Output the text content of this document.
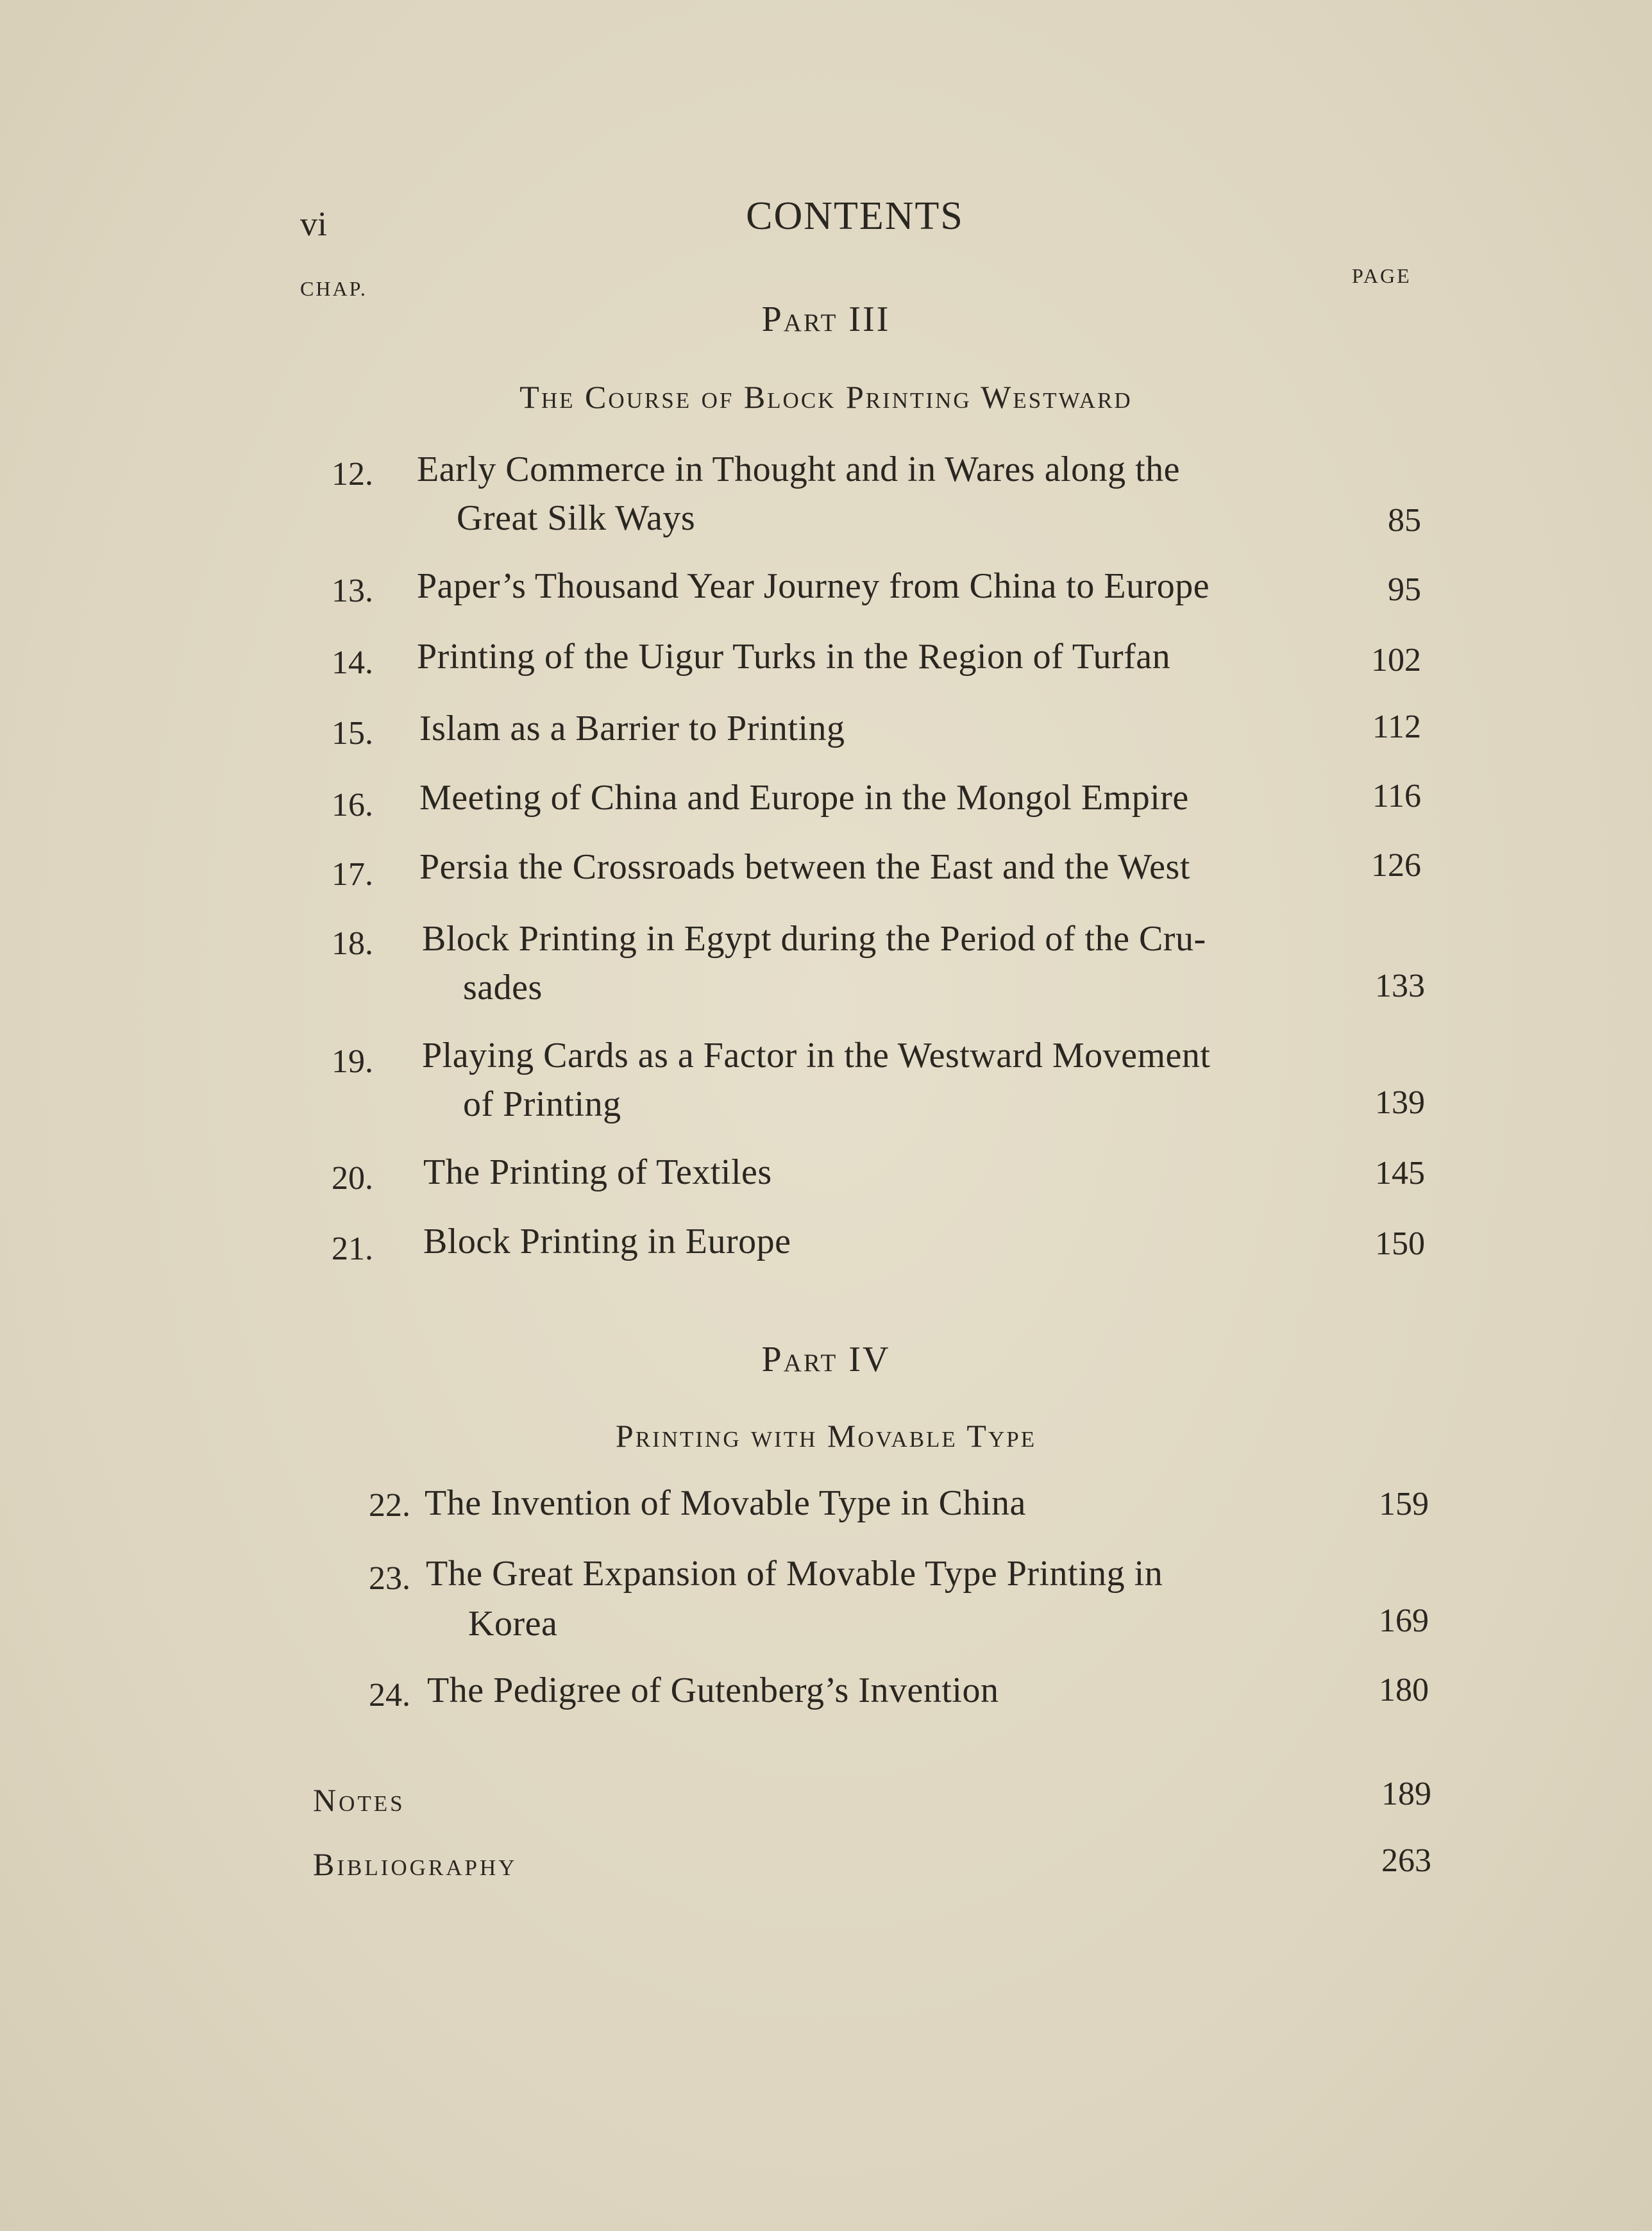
vi	CONTENTS
CHAP.
PAGE
Part III
The Course of Block Printing Westward
12. Early Commerce in Thought and in Wares along the
Great Silk Ways	85
13. Paper’s Thousand Year Journey from China to Europe	95
14. Printing of the Uigur Turks in the Region of Turfan	102
15. Islam as a Barrier to Printing	112
16. Meeting of China and Europe in the Mongol Empire	116
17. Persia the Crossroads between the East and the West	126
18. Block Printing in Egypt during the Period of the Cru-
sades	133
19. Playing Cards as a Factor in the Westward Movement
of Printing	139
20. The Printing of Textiles	145
21. Block Printing in Europe	150
Part IV
Printing with Movable Type
22. The Invention of Movable Type in China	159
23. The Great Expansion of Movable Type Printing in
Korea	169
24. The Pedigree of Gutenberg’s Invention	180
Notes	189
Bibliography	263
